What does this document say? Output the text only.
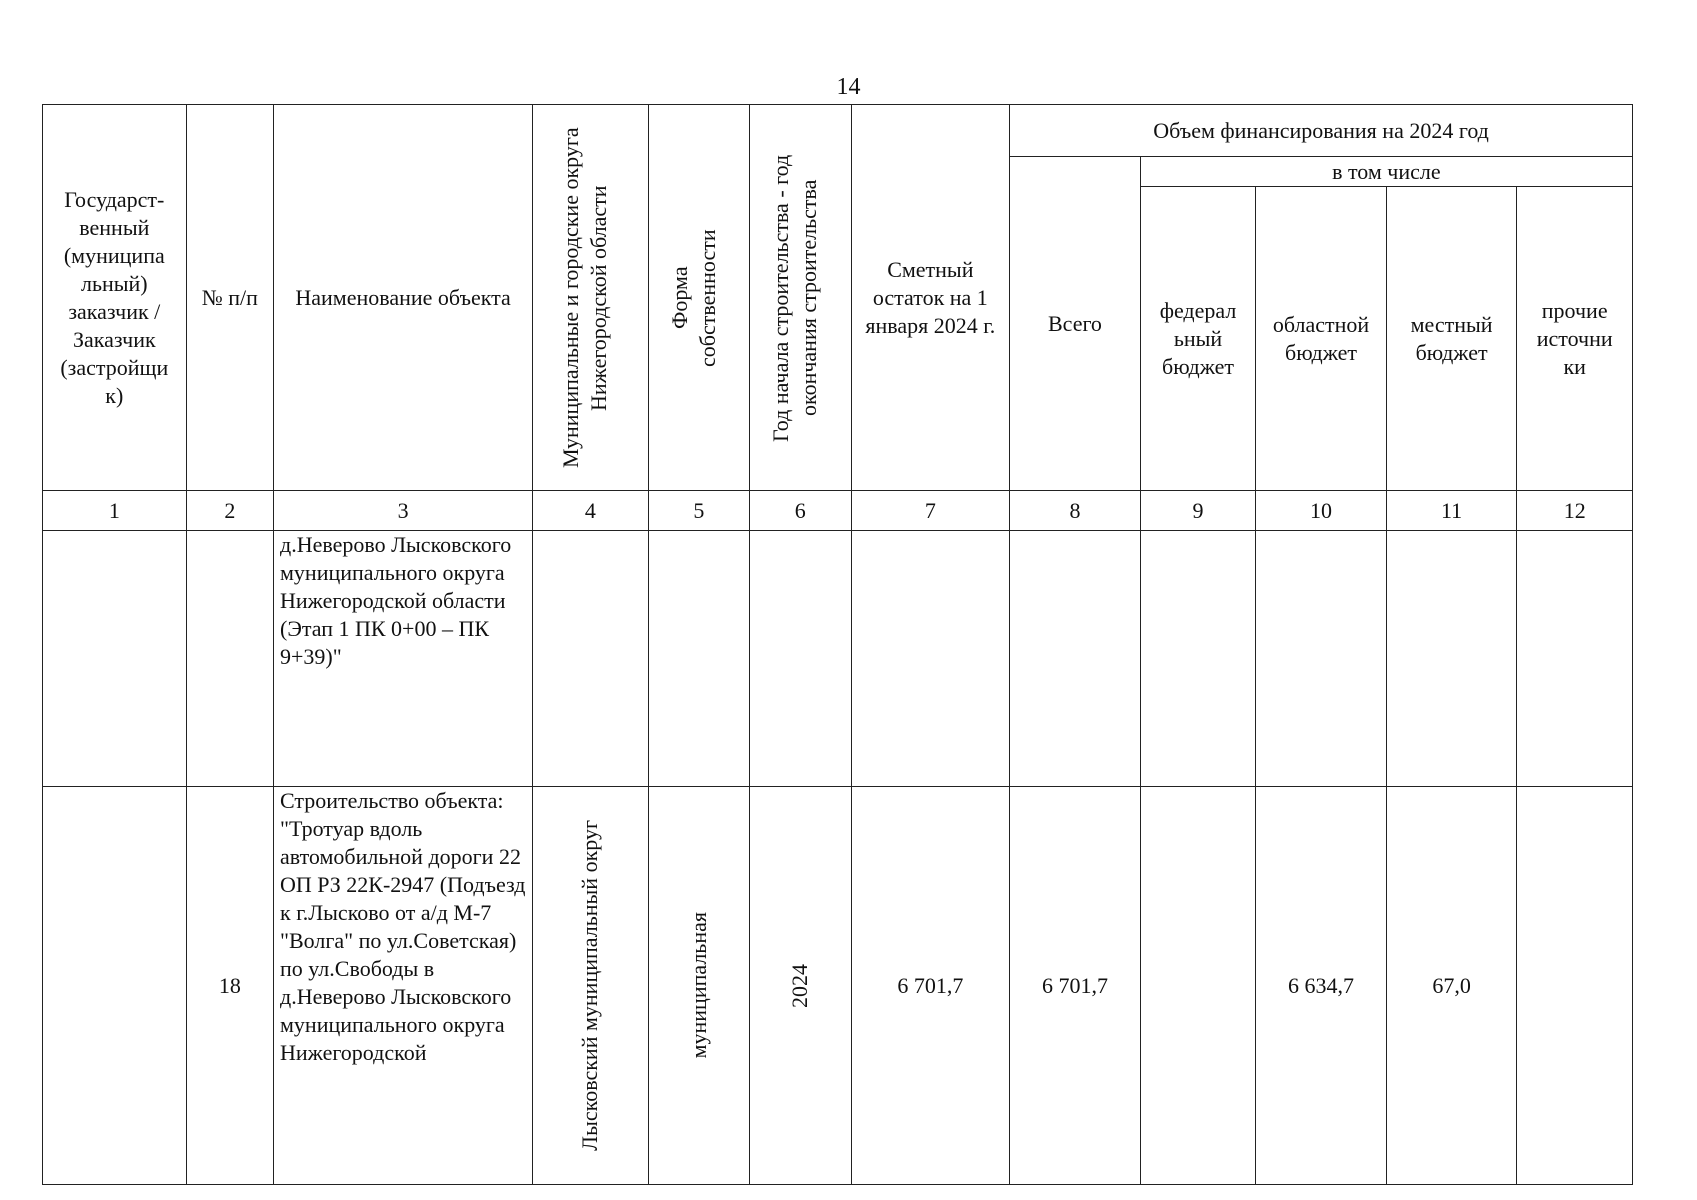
14
Государст-венный (муниципа льный) заказчик / Заказчик (застройщи к)	№ п/п	Наименование объекта	Муниципальные и городские округа Нижегородской области	Форма собственности	Год начала строительства - год окончания строительства	Сметный остаток на 1 января 2024 г.	Объем финансирования на 2024 год				
							Всего	в том числе			
								федерал ьный бюджет	областной бюджет	местный бюджет	прочие источни ки
1	2	3	4	5	6	7	8	9	10	11	12
		д.Неверово Лысковского муниципального округа Нижегородской области (Этап 1 ПК 0+00 – ПК 9+39)"									
	18	Строительство объекта: "Тротуар вдоль автомобильной дороги 22 ОП РЗ 22К-2947 (Подъезд к г.Лысково от а/д М-7 "Волга" по ул.Советская) по ул.Свободы в д.Неверово Лысковского муниципального округа Нижегородской	Лысковский муниципальный округ	муниципальная	2024	6 701,7	6 701,7		6 634,7	67,0	
